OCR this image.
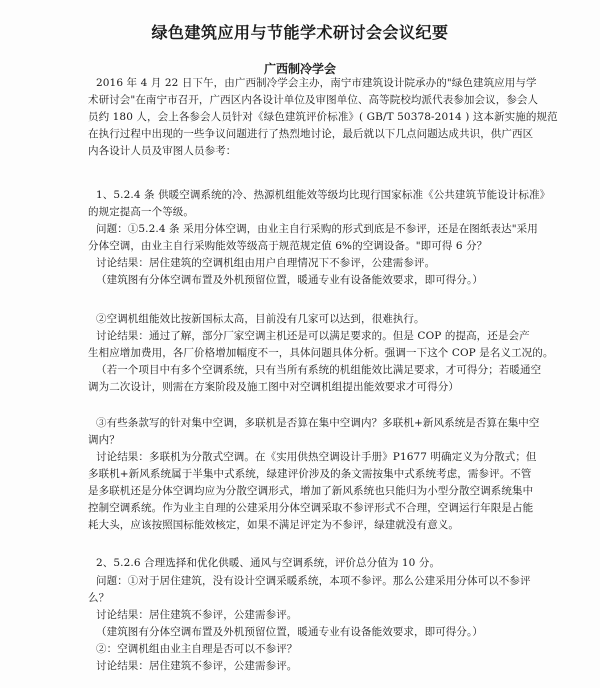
绿色建筑应用与节能学术研讨会会议纪要
广西制冷学会
2016 年 4 月 22 日下午，由广西制冷学会主办，南宁市建筑设计院承办的"绿色建筑应用与学
术研讨会"在南宁市召开，广西区内各设计单位及审图单位、高等院校均派代表参加会议，参会人
员约 180 人，会上各参会人员针对《绿色建筑评价标准》( GB/T 50378-2014 ) 这本新实施的规范
在执行过程中出现的一些争议问题进行了热烈地讨论，最后就以下几点问题达成共识，供广西区
内各设计人员及审图人员参考：
1、5.2.4 条 供暖空调系统的冷、热源机组能效等级均比现行国家标准《公共建筑节能设计标准》
的规定提高一个等级。
问题：①5.2.4 条 采用分体空调，由业主自行采购的形式到底是不参评，还是在图纸表达"采用
分体空调，由业主自行采购能效等级高于规范规定值 6%的空调设备。"即可得 6 分？
讨论结果：居住建筑的空调机组由用户自理情况下不参评，公建需参评。
（建筑图有分体空调布置及外机预留位置，暖通专业有设备能效要求，即可得分。）
②空调机组能效比按新国标太高，目前没有几家可以达到，很难执行。
讨论结果：通过了解，部分厂家空调主机还是可以满足要求的。但是 COP 的提高，还是会产
生相应增加费用，各厂价格增加幅度不一，具体问题具体分析。强调一下这个 COP 是名义工况的。
（若一个项目中有多个空调系统，只有当所有系统的机组能效比满足要求，才可得分；若暖通空
调为二次设计，则需在方案阶段及施工图中对空调机组提出能效要求才可得分）
③有些条款写的针对集中空调，多联机是否算在集中空调内？多联机+新风系统是否算在集中空
调内？
讨论结果：多联机为分散式空调。在《实用供热空调设计手册》P1677 明确定义为分散式；但
多联机+新风系统属于半集中式系统，绿建评价涉及的条文需按集中式系统考虑，需参评。不管
是多联机还是分体空调均应为分散空调形式，增加了新风系统也只能归为小型分散空调系统集中
控制空调系统。作为业主自理的公建采用分体空调采取不参评形式不合理，空调运行年限是占能
耗大头，应该按照国标能效核定，如果不满足评定为不参评，绿建就没有意义。
2、5.2.6 合理选择和优化供暖、通风与空调系统，评价总分值为 10 分。
问题：①对于居住建筑，没有设计空调采暖系统，本项不参评。那么公建采用分体可以不参评
么？
讨论结果：居住建筑不参评，公建需参评。
（建筑图有分体空调布置及外机预留位置，暖通专业有设备能效要求，即可得分。）
②：空调机组由业主自理是否可以不参评？
讨论结果：居住建筑不参评，公建需参评。
